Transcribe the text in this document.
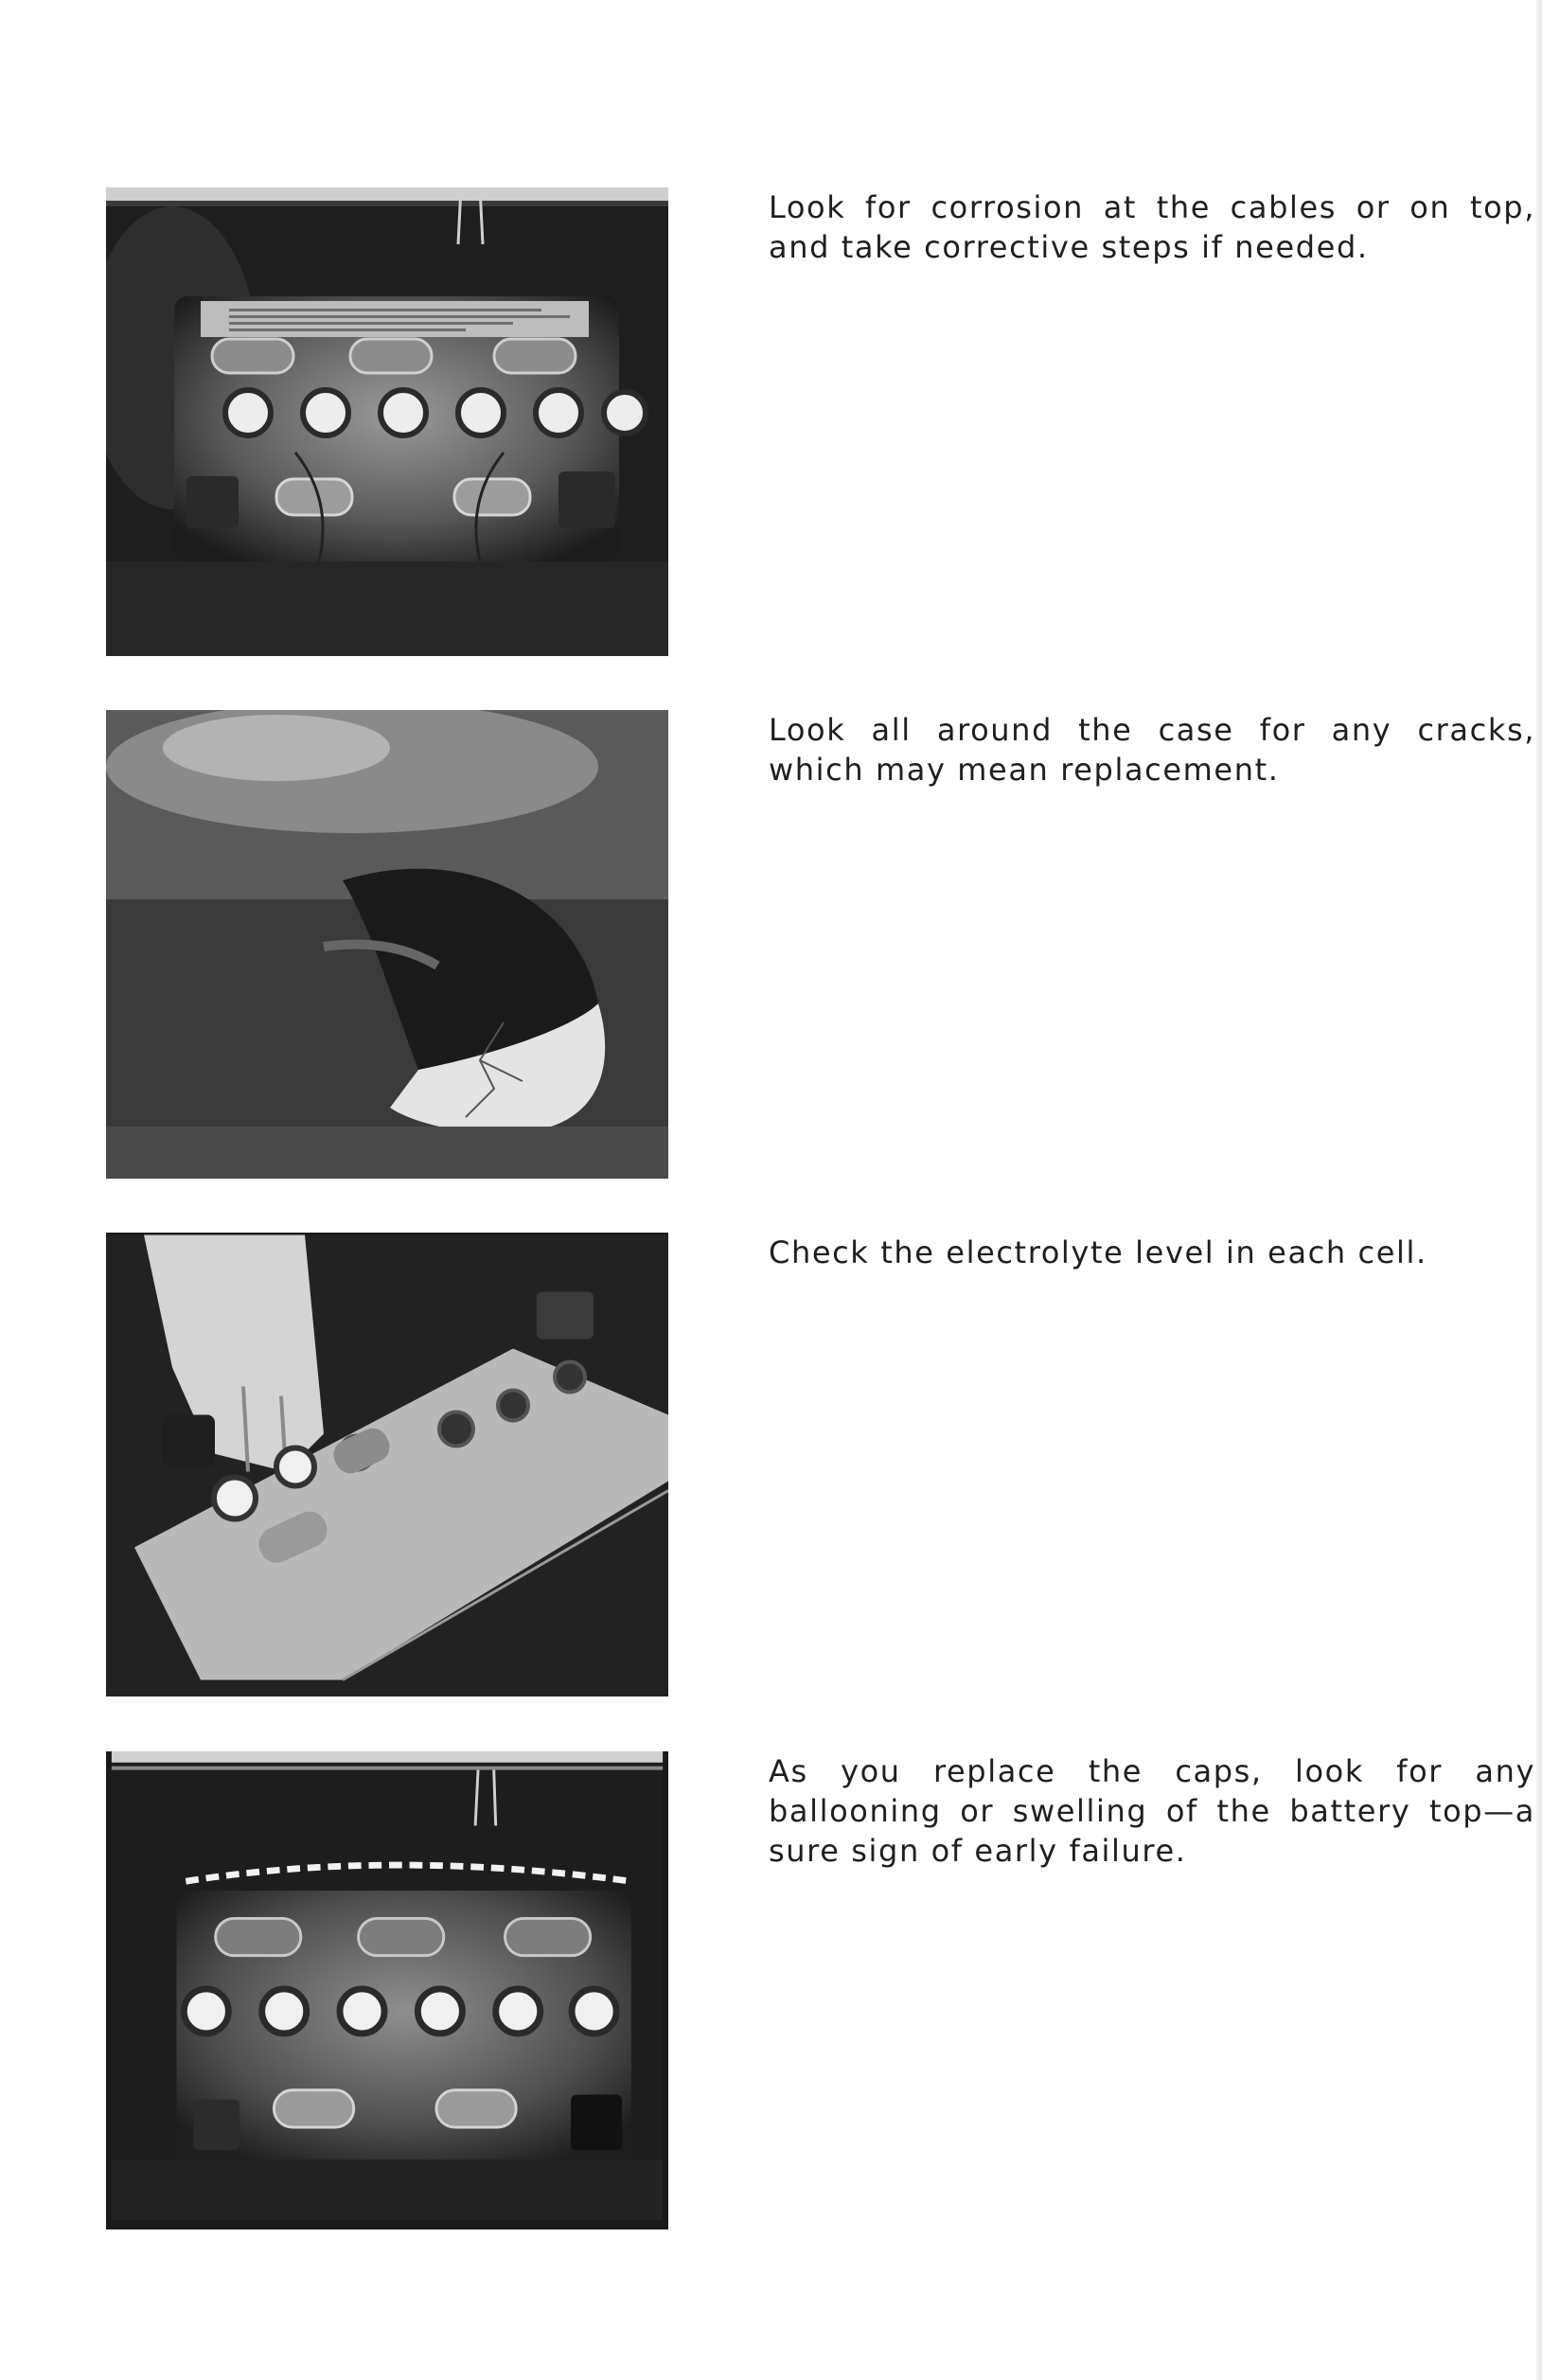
Look for corrosion at the cables or on top, and take corrective steps if needed.
Look all around the case for any cracks, which may mean replacement.
Check the electrolyte level in each cell.
As you replace the caps, look for any ballooning or swelling of the battery top—a sure sign of early failure.
